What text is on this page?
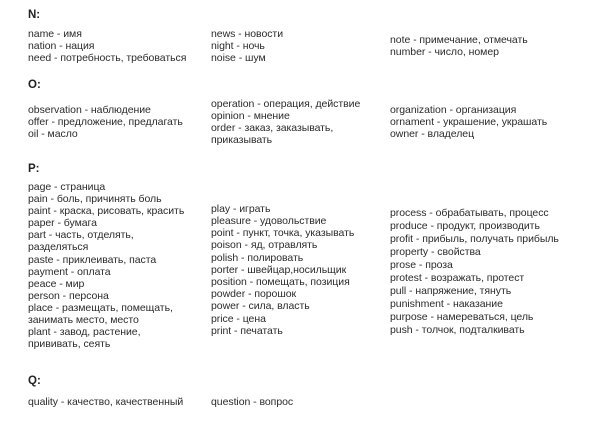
N:
name - имя
nation - нация
need - потребность, требоваться
news - новости
night - ночь
noise - шум
note - примечание, отмечать
number - число, номер
O:
observation - наблюдение
offer - предложение, предлагать
oil - масло
operation - операция, действие
opinion - мнение
order - заказ, заказывать,
приказывать
organization - организация
ornament - украшение, украшать
owner - владелец
P:
page - страница
pain - боль, причинять боль
paint - краска, рисовать, красить
paper - бумага
part - часть, отделять,
разделяться
paste - приклеивать, паста
payment - оплата
peace - мир
person - персона
place - размещать, помещать,
занимать место, место
plant - завод, растение,
прививать, сеять
play - играть
pleasure - удовольствие
point - пункт, точка, указывать
poison - яд, отравлять
polish - полировать
porter - швейцар,носильщик
position - помещать, позиция
powder - порошок
power - сила, власть
price - цена
print - печатать
process - обрабатывать, процесс
produce - продукт, производить
profit - прибыль, получать прибыль
property - свойства
prose - проза
protest - возражать, протест
pull - напряжение, тянуть
punishment - наказание
purpose - намереваться, цель
push - толчок, подталкивать
Q:
quality - качество, качественный	question - вопрос
